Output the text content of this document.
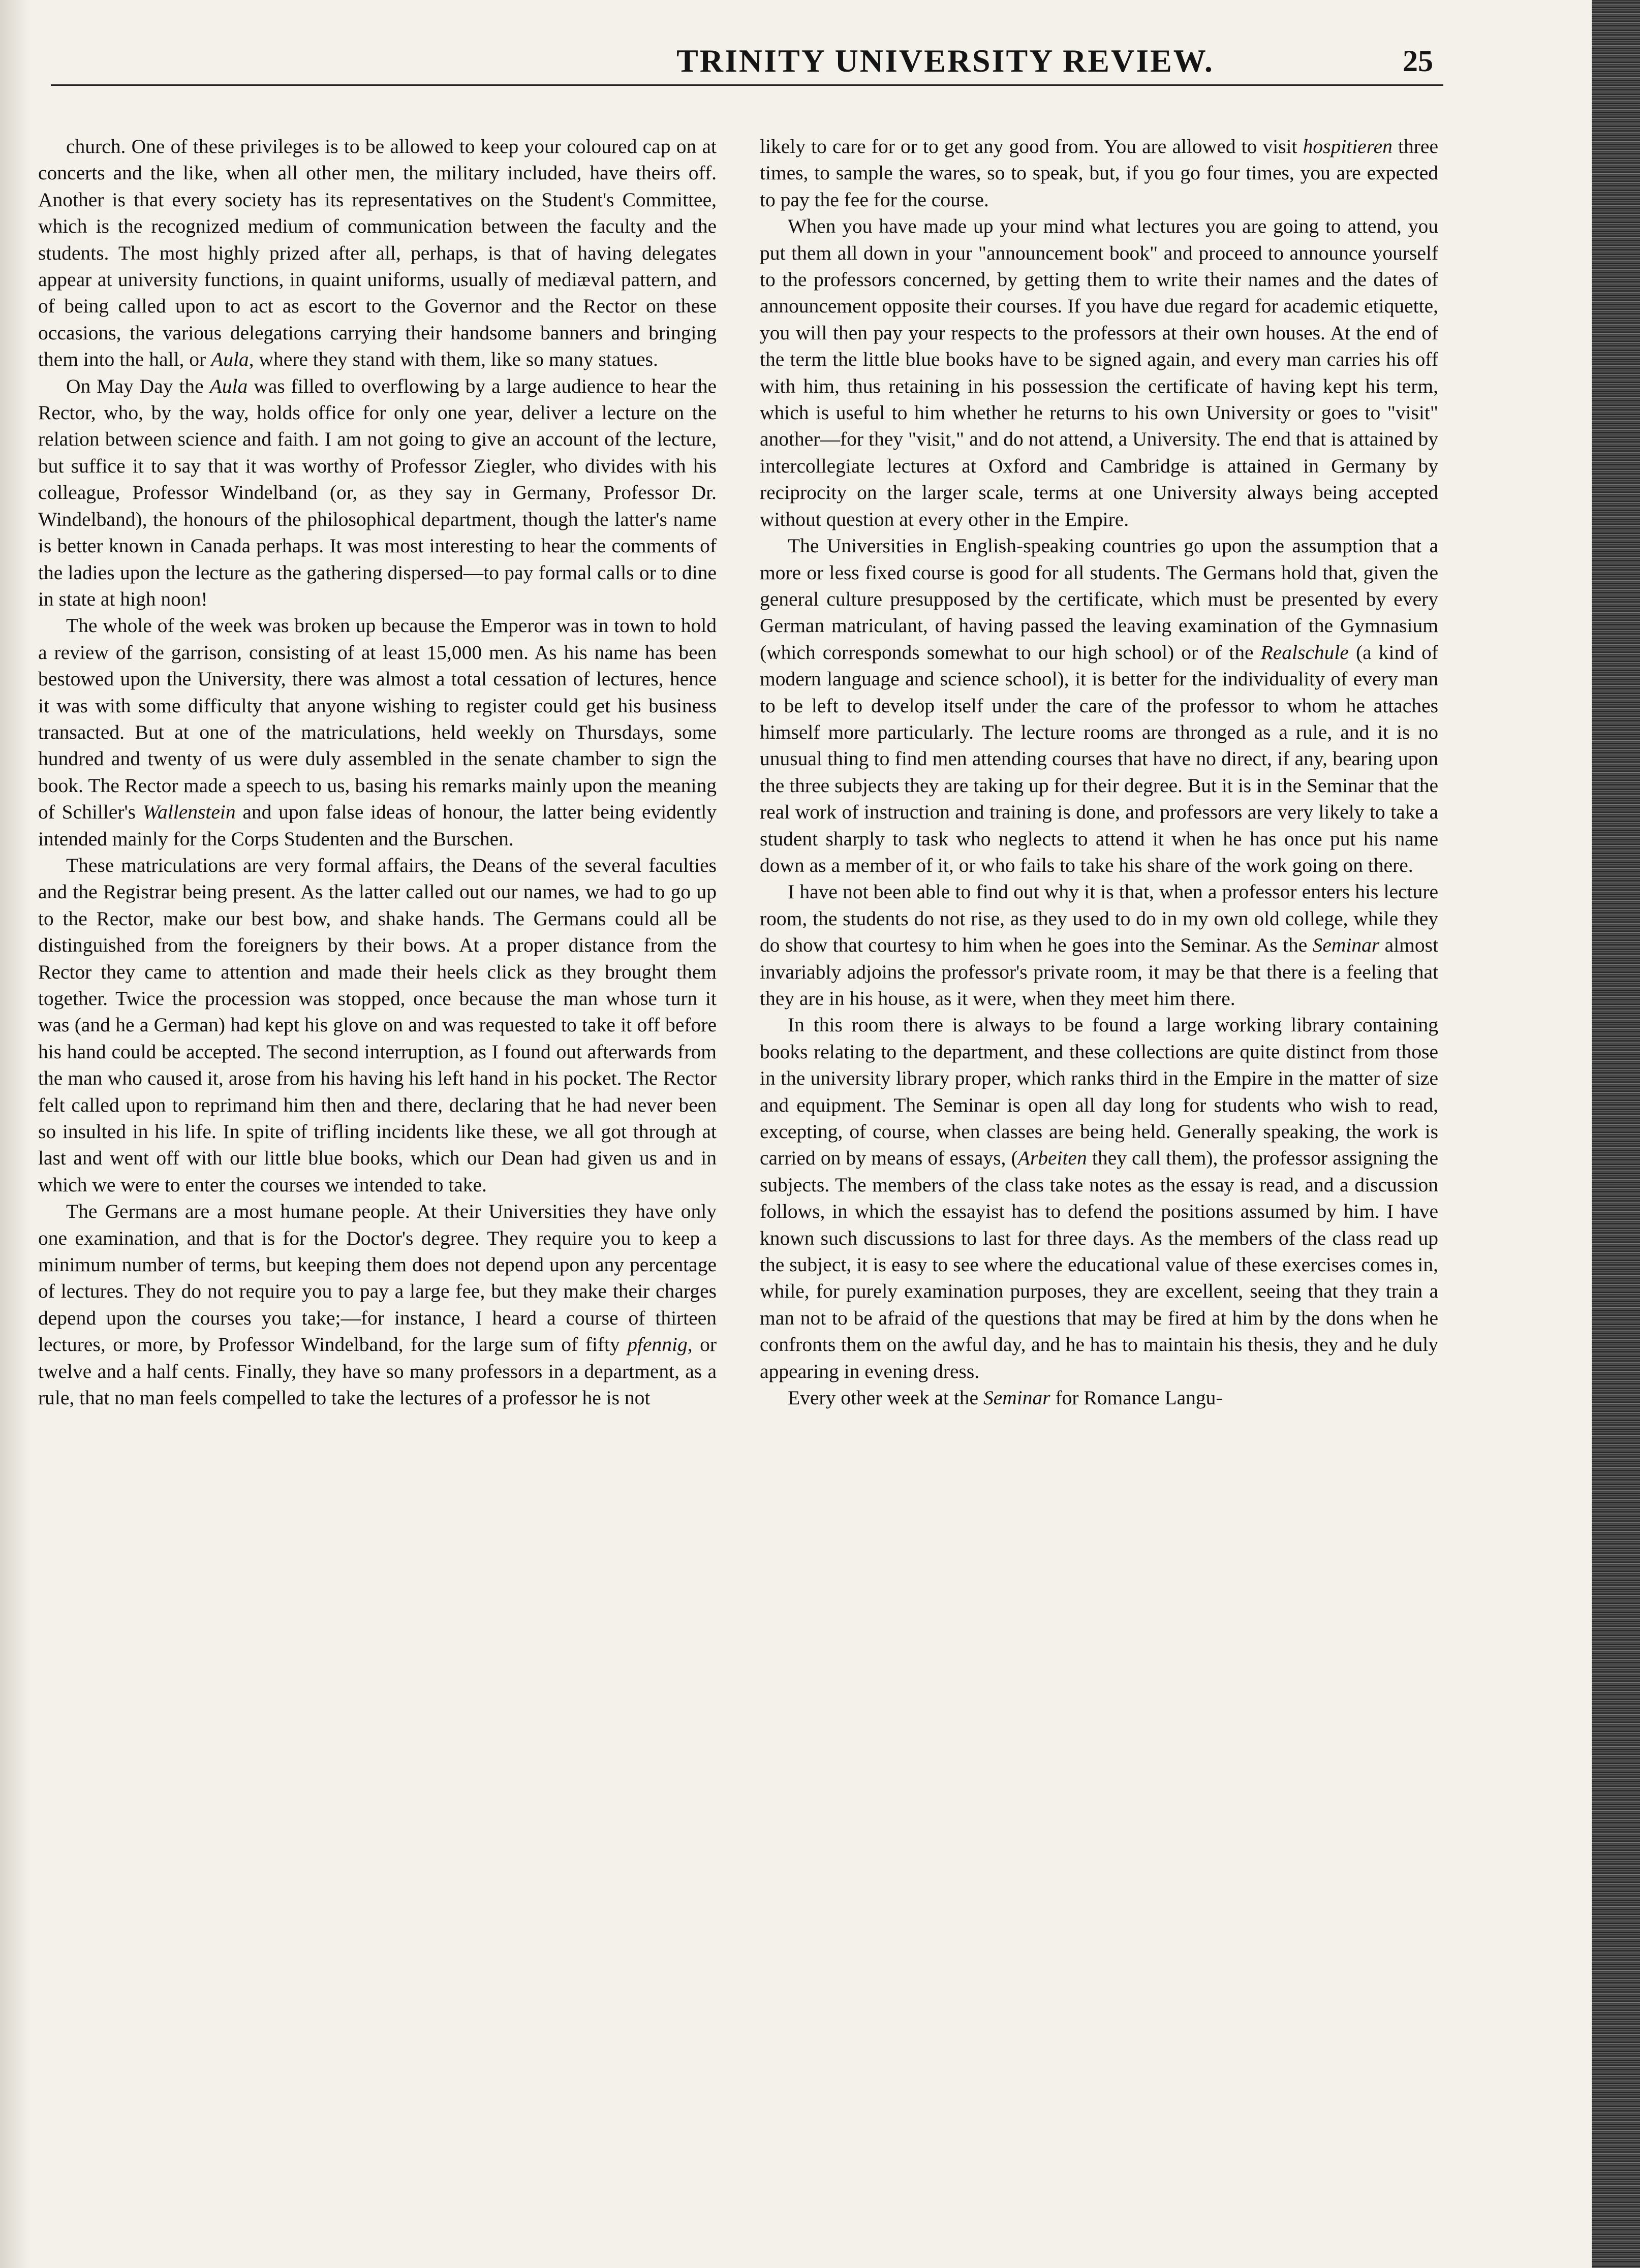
TRINITY UNIVERSITY REVIEW.	25

church. One of these privileges is to be allowed to keep your coloured cap on at concerts and the like, when all other men, the military included, have theirs off. Another is that every society has its representatives on the Student's Committee, which is the recognized medium of communication between the faculty and the students. The most highly prized after all, perhaps, is that of having delegates appear at university functions, in quaint uniforms, usually of mediæval pattern, and of being called upon to act as escort to the Governor and the Rector on these occasions, the various delegations carrying their handsome banners and bringing them into the hall, or Aula, where they stand with them, like so many statues.

On May Day the Aula was filled to overflowing by a large audience to hear the Rector, who, by the way, holds office for only one year, deliver a lecture on the relation between science and faith. I am not going to give an account of the lecture, but suffice it to say that it was worthy of Professor Ziegler, who divides with his colleague, Professor Windelband (or, as they say in Germany, Professor Dr. Windelband), the honours of the philosophical department, though the latter's name is better known in Canada perhaps. It was most interesting to hear the comments of the ladies upon the lecture as the gathering dispersed—to pay formal calls or to dine in state at high noon!

The whole of the week was broken up because the Emperor was in town to hold a review of the garrison, consisting of at least 15,000 men. As his name has been bestowed upon the University, there was almost a total cessation of lectures, hence it was with some difficulty that anyone wishing to register could get his business transacted. But at one of the matriculations, held weekly on Thursdays, some hundred and twenty of us were duly assembled in the senate chamber to sign the book. The Rector made a speech to us, basing his remarks mainly upon the meaning of Schiller's Wallenstein and upon false ideas of honour, the latter being evidently intended mainly for the Corps Studenten and the Burschen.

These matriculations are very formal affairs, the Deans of the several faculties and the Registrar being present. As the latter called out our names, we had to go up to the Rector, make our best bow, and shake hands. The Germans could all be distinguished from the foreigners by their bows. At a proper distance from the Rector they came to attention and made their heels click as they brought them together. Twice the procession was stopped, once because the man whose turn it was (and he a German) had kept his glove on and was requested to take it off before his hand could be accepted. The second interruption, as I found out afterwards from the man who caused it, arose from his having his left hand in his pocket. The Rector felt called upon to reprimand him then and there, declaring that he had never been so insulted in his life. In spite of trifling incidents like these, we all got through at last and went off with our little blue books, which our Dean had given us and in which we were to enter the courses we intended to take.

The Germans are a most humane people. At their Universities they have only one examination, and that is for the Doctor's degree. They require you to keep a minimum number of terms, but keeping them does not depend upon any percentage of lectures. They do not require you to pay a large fee, but they make their charges depend upon the courses you take;—for instance, I heard a course of thirteen lectures, or more, by Professor Windelband, for the large sum of fifty pfennig, or twelve and a half cents. Finally, they have so many professors in a department, as a rule, that no man feels compelled to take the lectures of a professor he is not

likely to care for or to get any good from. You are allowed to visit hospitieren three times, to sample the wares, so to speak, but, if you go four times, you are expected to pay the fee for the course.

When you have made up your mind what lectures you are going to attend, you put them all down in your "announcement book" and proceed to announce yourself to the professors concerned, by getting them to write their names and the dates of announcement opposite their courses. If you have due regard for academic etiquette, you will then pay your respects to the professors at their own houses. At the end of the term the little blue books have to be signed again, and every man carries his off with him, thus retaining in his possession the certificate of having kept his term, which is useful to him whether he returns to his own University or goes to "visit" another—for they "visit," and do not attend, a University. The end that is attained by intercollegiate lectures at Oxford and Cambridge is attained in Germany by reciprocity on the larger scale, terms at one University always being accepted without question at every other in the Empire.

The Universities in English-speaking countries go upon the assumption that a more or less fixed course is good for all students. The Germans hold that, given the general culture presupposed by the certificate, which must be presented by every German matriculant, of having passed the leaving examination of the Gymnasium (which corresponds somewhat to our high school) or of the Realschule (a kind of modern language and science school), it is better for the individuality of every man to be left to develop itself under the care of the professor to whom he attaches himself more particularly. The lecture rooms are thronged as a rule, and it is no unusual thing to find men attending courses that have no direct, if any, bearing upon the three subjects they are taking up for their degree. But it is in the Seminar that the real work of instruction and training is done, and professors are very likely to take a student sharply to task who neglects to attend it when he has once put his name down as a member of it, or who fails to take his share of the work going on there.

I have not been able to find out why it is that, when a professor enters his lecture room, the students do not rise, as they used to do in my own old college, while they do show that courtesy to him when he goes into the Seminar. As the Seminar almost invariably adjoins the professor's private room, it may be that there is a feeling that they are in his house, as it were, when they meet him there.

In this room there is always to be found a large working library containing books relating to the department, and these collections are quite distinct from those in the university library proper, which ranks third in the Empire in the matter of size and equipment. The Seminar is open all day long for students who wish to read, excepting, of course, when classes are being held. Generally speaking, the work is carried on by means of essays, (Arbeiten they call them), the professor assigning the subjects. The members of the class take notes as the essay is read, and a discussion follows, in which the essayist has to defend the positions assumed by him. I have known such discussions to last for three days. As the members of the class read up the subject, it is easy to see where the educational value of these exercises comes in, while, for purely examination purposes, they are excellent, seeing that they train a man not to be afraid of the questions that may be fired at him by the dons when he confronts them on the awful day, and he has to maintain his thesis, they and he duly appearing in evening dress.

Every other week at the Seminar for Romance Langu-
